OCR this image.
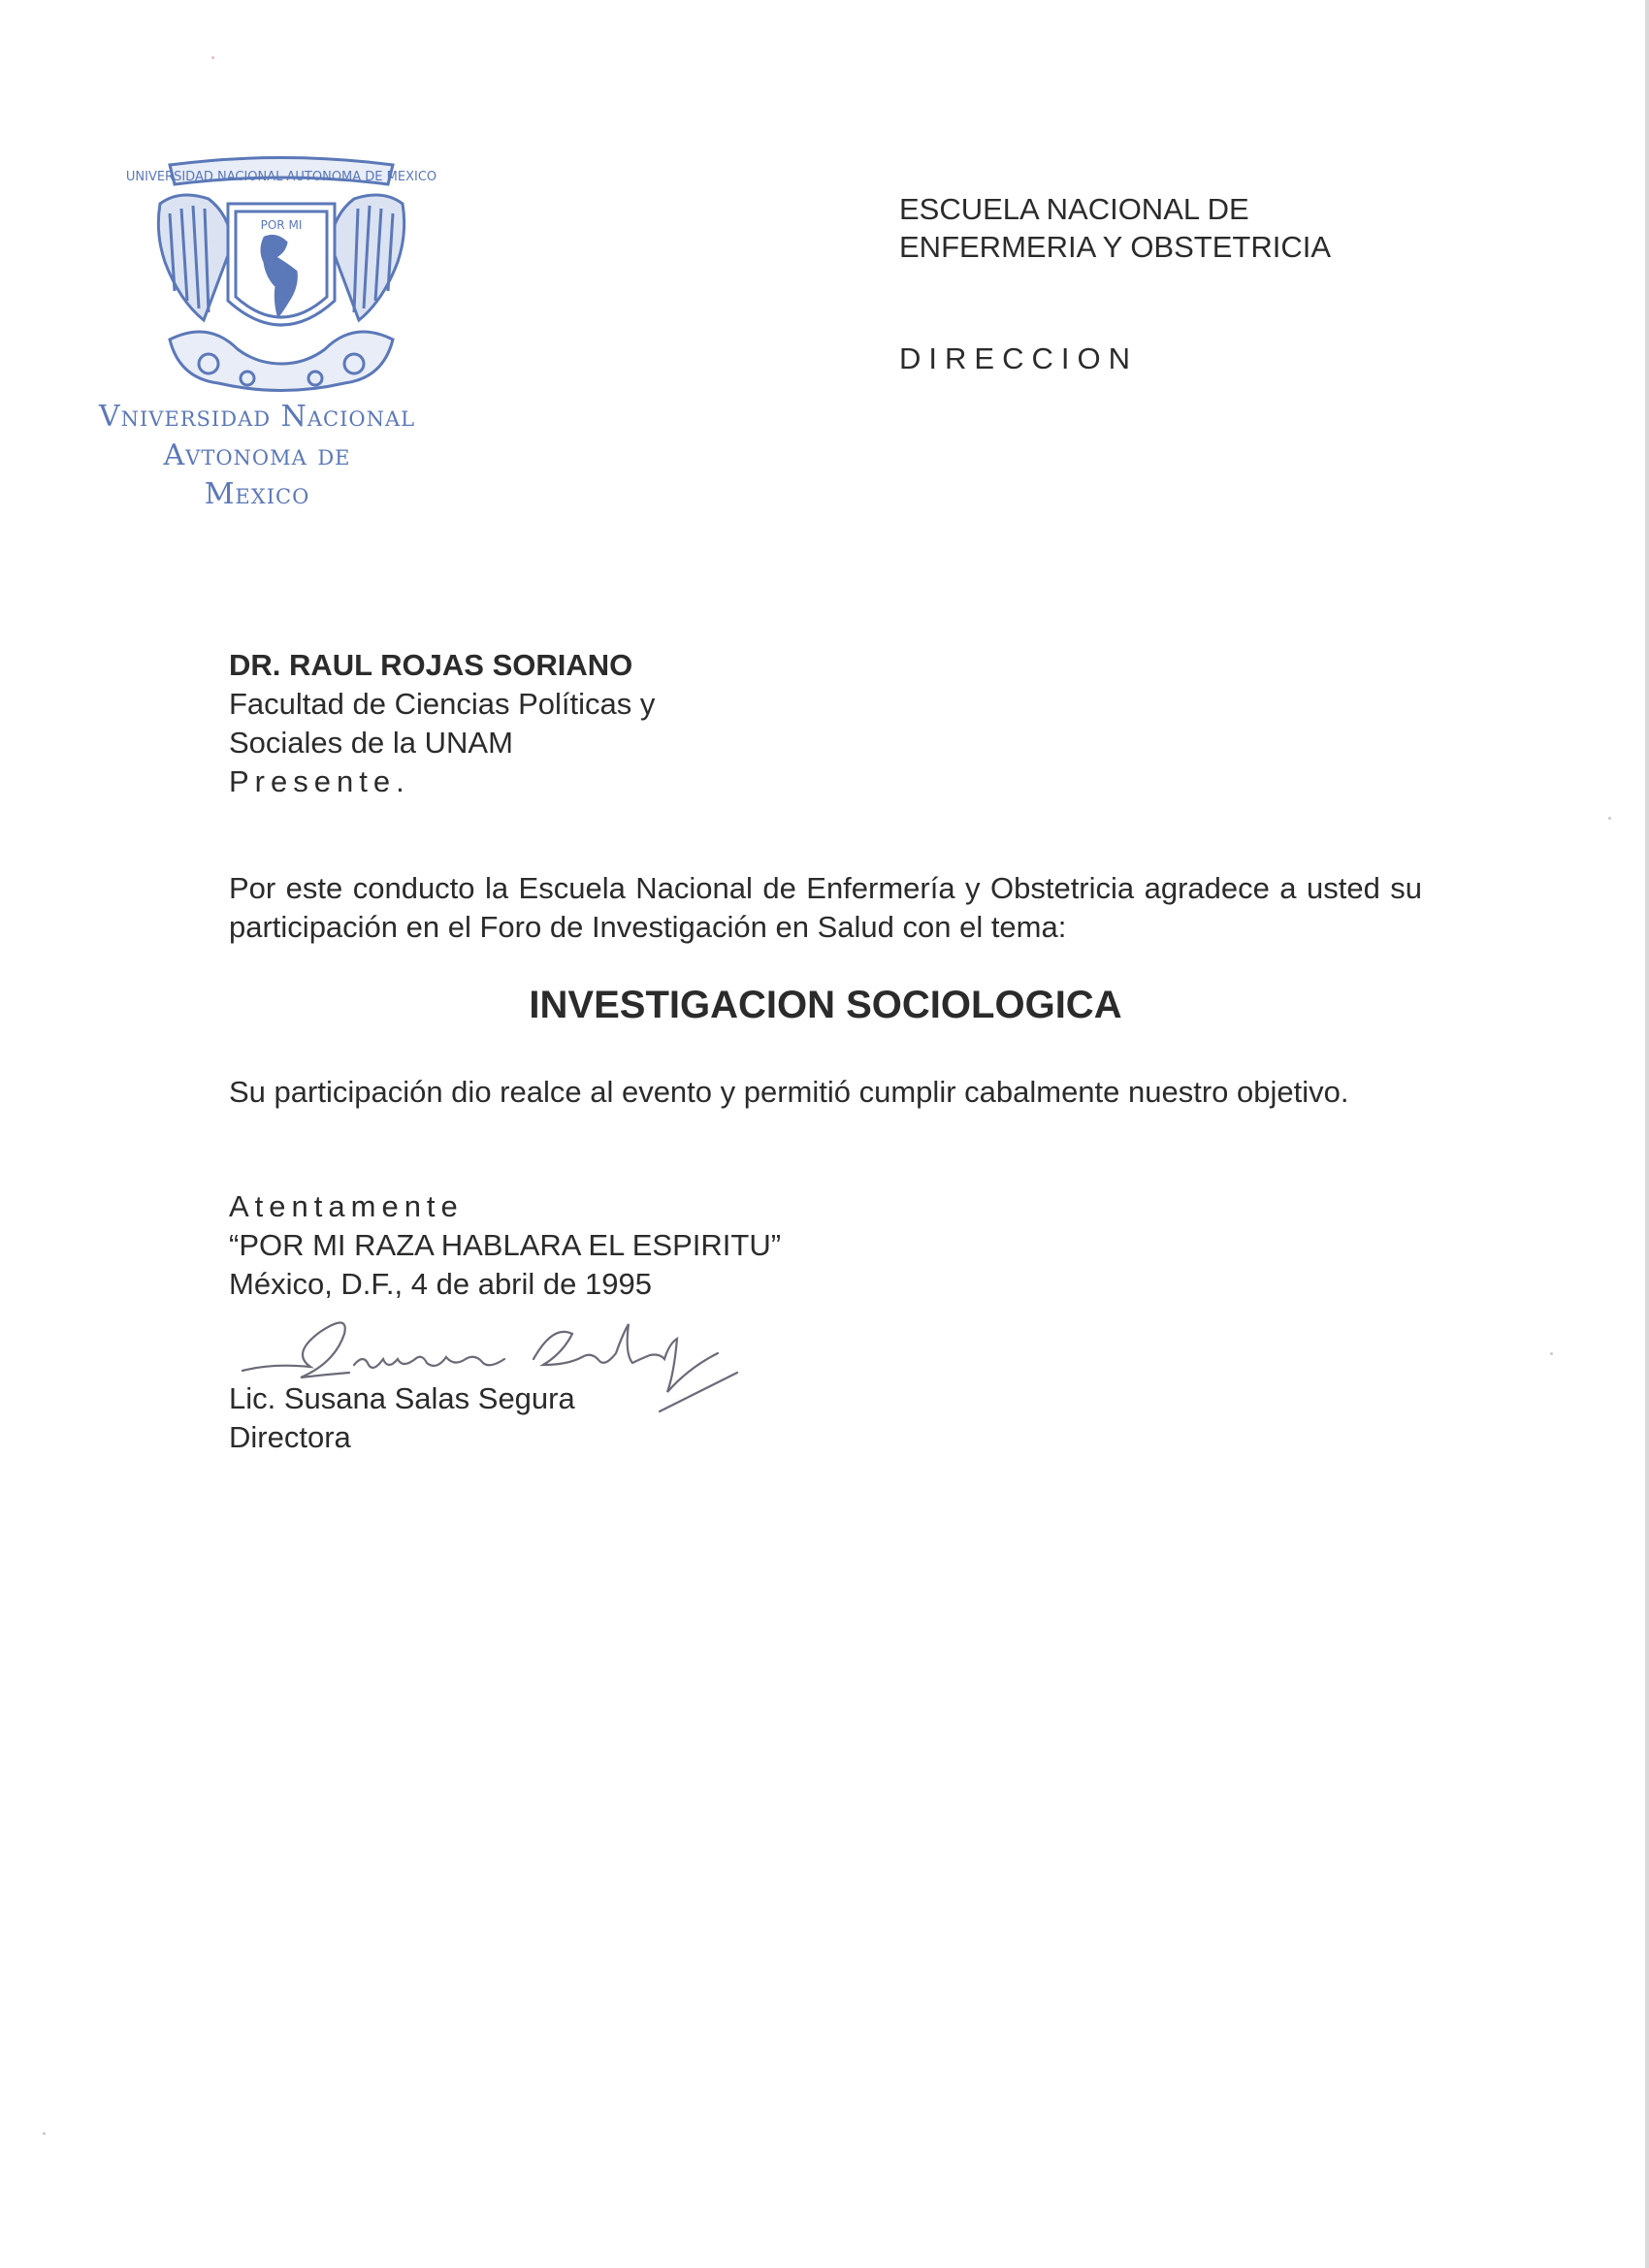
UNIVERSIDAD NACIONAL AUTONOMA DE MEXICO
POR MI
Vniversidad Nacional
Avtonoma de
Mexico
ESCUELA NACIONAL DE
ENFERMERIA Y OBSTETRICIA
DIRECCION
DR. RAUL ROJAS SORIANO
Facultad de Ciencias Políticas y
Sociales de la UNAM
Presente.
Por este conducto la Escuela Nacional de Enfermería y Obstetricia agradece a usted su participación en el Foro de Investigación en Salud con el tema:
INVESTIGACION SOCIOLOGICA
Su participación dio realce al evento y permitió cumplir cabalmente nuestro objetivo.
Atentamente
“POR MI RAZA HABLARA EL ESPIRITU”
México, D.F., 4 de abril de 1995
Lic. Susana Salas Segura
Directora
